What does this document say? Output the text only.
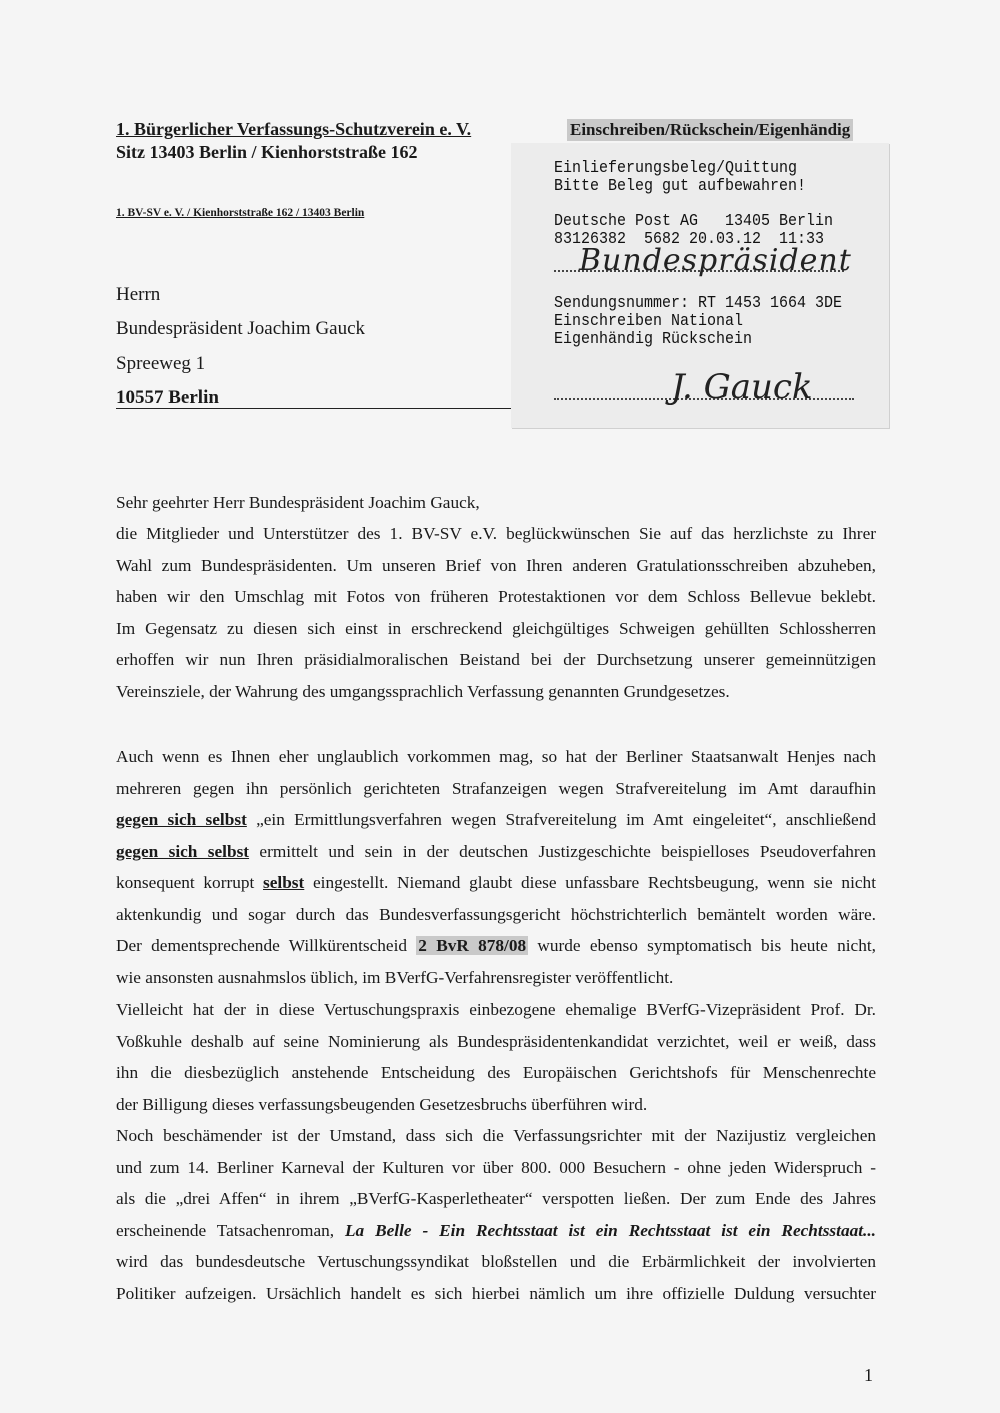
1. Bürgerlicher Verfassungs-Schutzverein e. V.
Sitz 13403 Berlin / Kienhorststraße 162
1. BV-SV e. V. / Kienhorststraße 162 / 13403 Berlin
Herrn
Bundespräsident Joachim Gauck
Spreeweg 1
10557 Berlin
Einschreiben/Rückschein/Eigenhändig
Einlieferungsbeleg/Quittung
Bitte Beleg gut aufbewahren!
Deutsche Post AG   13405 Berlin
83126382  5682 20.03.12  11:33
Bundespräsident
Sendungsnummer: RT 1453 1664 3DE
Einschreiben National
Eigenhändig Rückschein
J. Gauck
Sehr geehrter Herr Bundespräsident Joachim Gauck,
die Mitglieder und Unterstützer des 1. BV-SV e.V. beglückwünschen Sie auf das herzlichste zu Ihrer
Wahl zum Bundespräsidenten. Um unseren Brief von Ihren anderen Gratulationsschreiben abzuheben,
haben wir den Umschlag mit Fotos von früheren Protestaktionen vor dem Schloss Bellevue beklebt.
Im Gegensatz zu diesen sich einst in erschreckend gleichgültiges Schweigen gehüllten Schlossherren
erhoffen wir nun Ihren präsidialmoralischen Beistand bei der Durchsetzung unserer gemeinnützigen
Vereinsziele, der Wahrung des umgangssprachlich Verfassung genannten Grundgesetzes.
Auch wenn es Ihnen eher unglaublich vorkommen mag, so hat der Berliner Staatsanwalt Henjes nach
mehreren gegen ihn persönlich gerichteten Strafanzeigen wegen Strafvereitelung im Amt daraufhin
gegen sich selbst „ein Ermittlungsverfahren wegen Strafvereitelung im Amt eingeleitet“, anschließend
gegen sich selbst ermittelt und sein in der deutschen Justizgeschichte beispielloses Pseudoverfahren
konsequent korrupt selbst eingestellt. Niemand glaubt diese unfassbare Rechtsbeugung, wenn sie nicht
aktenkundig und sogar durch das Bundesverfassungsgericht höchstrichterlich bemäntelt worden wäre.
Der dementsprechende Willkürentscheid 2 BvR 878/08 wurde ebenso symptomatisch bis heute nicht,
wie ansonsten ausnahmslos üblich, im BVerfG-Verfahrensregister veröffentlicht.
Vielleicht hat der in diese Vertuschungspraxis einbezogene ehemalige BVerfG-Vizepräsident Prof. Dr.
Voßkuhle deshalb auf seine Nominierung als Bundespräsidentenkandidat verzichtet, weil er weiß, dass
ihn die diesbezüglich anstehende Entscheidung des Europäischen Gerichtshofs für Menschenrechte
der Billigung dieses verfassungsbeugenden Gesetzesbruchs überführen wird.
Noch beschämender ist der Umstand, dass sich die Verfassungsrichter mit der Nazijustiz vergleichen
und zum 14. Berliner Karneval der Kulturen vor über 800. 000 Besuchern - ohne jeden Widerspruch -
als die „drei Affen“ in ihrem „BVerfG-Kasperletheater“ verspotten ließen. Der zum Ende des Jahres
erscheinende Tatsachenroman, La Belle - Ein Rechtsstaat ist ein Rechtsstaat ist ein Rechtsstaat...
wird das bundesdeutsche Vertuschungssyndikat bloßstellen und die Erbärmlichkeit der involvierten
Politiker aufzeigen. Ursächlich handelt es sich hierbei nämlich um ihre offizielle Duldung versuchter
1
